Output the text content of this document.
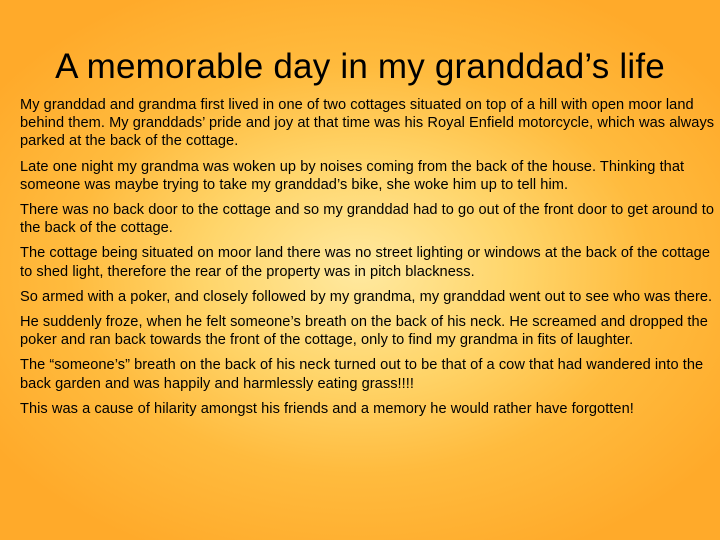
A memorable day in my granddad’s life

My granddad and grandma first lived in one of two cottages situated on top of a hill with open moor land behind them. My granddads’ pride and joy at that time was his Royal Enfield motorcycle, which was always parked at the back of the cottage.

Late one night my grandma was woken up by noises coming from the back of the house. Thinking that someone was maybe trying to take my granddad’s bike, she woke him up to tell him.

There was no back door to the cottage and so my granddad had to go out of the front door to get around to the back of the cottage.

The cottage being situated on moor land there was no street lighting or windows at the back of the cottage to shed light, therefore the rear of the property was in pitch blackness.

So armed with a poker, and closely followed by my grandma, my granddad went out to see who was there.

He suddenly froze, when he felt someone’s breath on the back of his neck. He screamed and dropped the poker and ran back towards the front of the cottage, only to find my grandma in fits of laughter.

The “someone’s” breath on the back of his neck turned out to be that of a cow that had wandered into the back garden and was happily and harmlessly eating grass!!!!

This was a cause of hilarity amongst his friends and a memory he would rather have forgotten!
